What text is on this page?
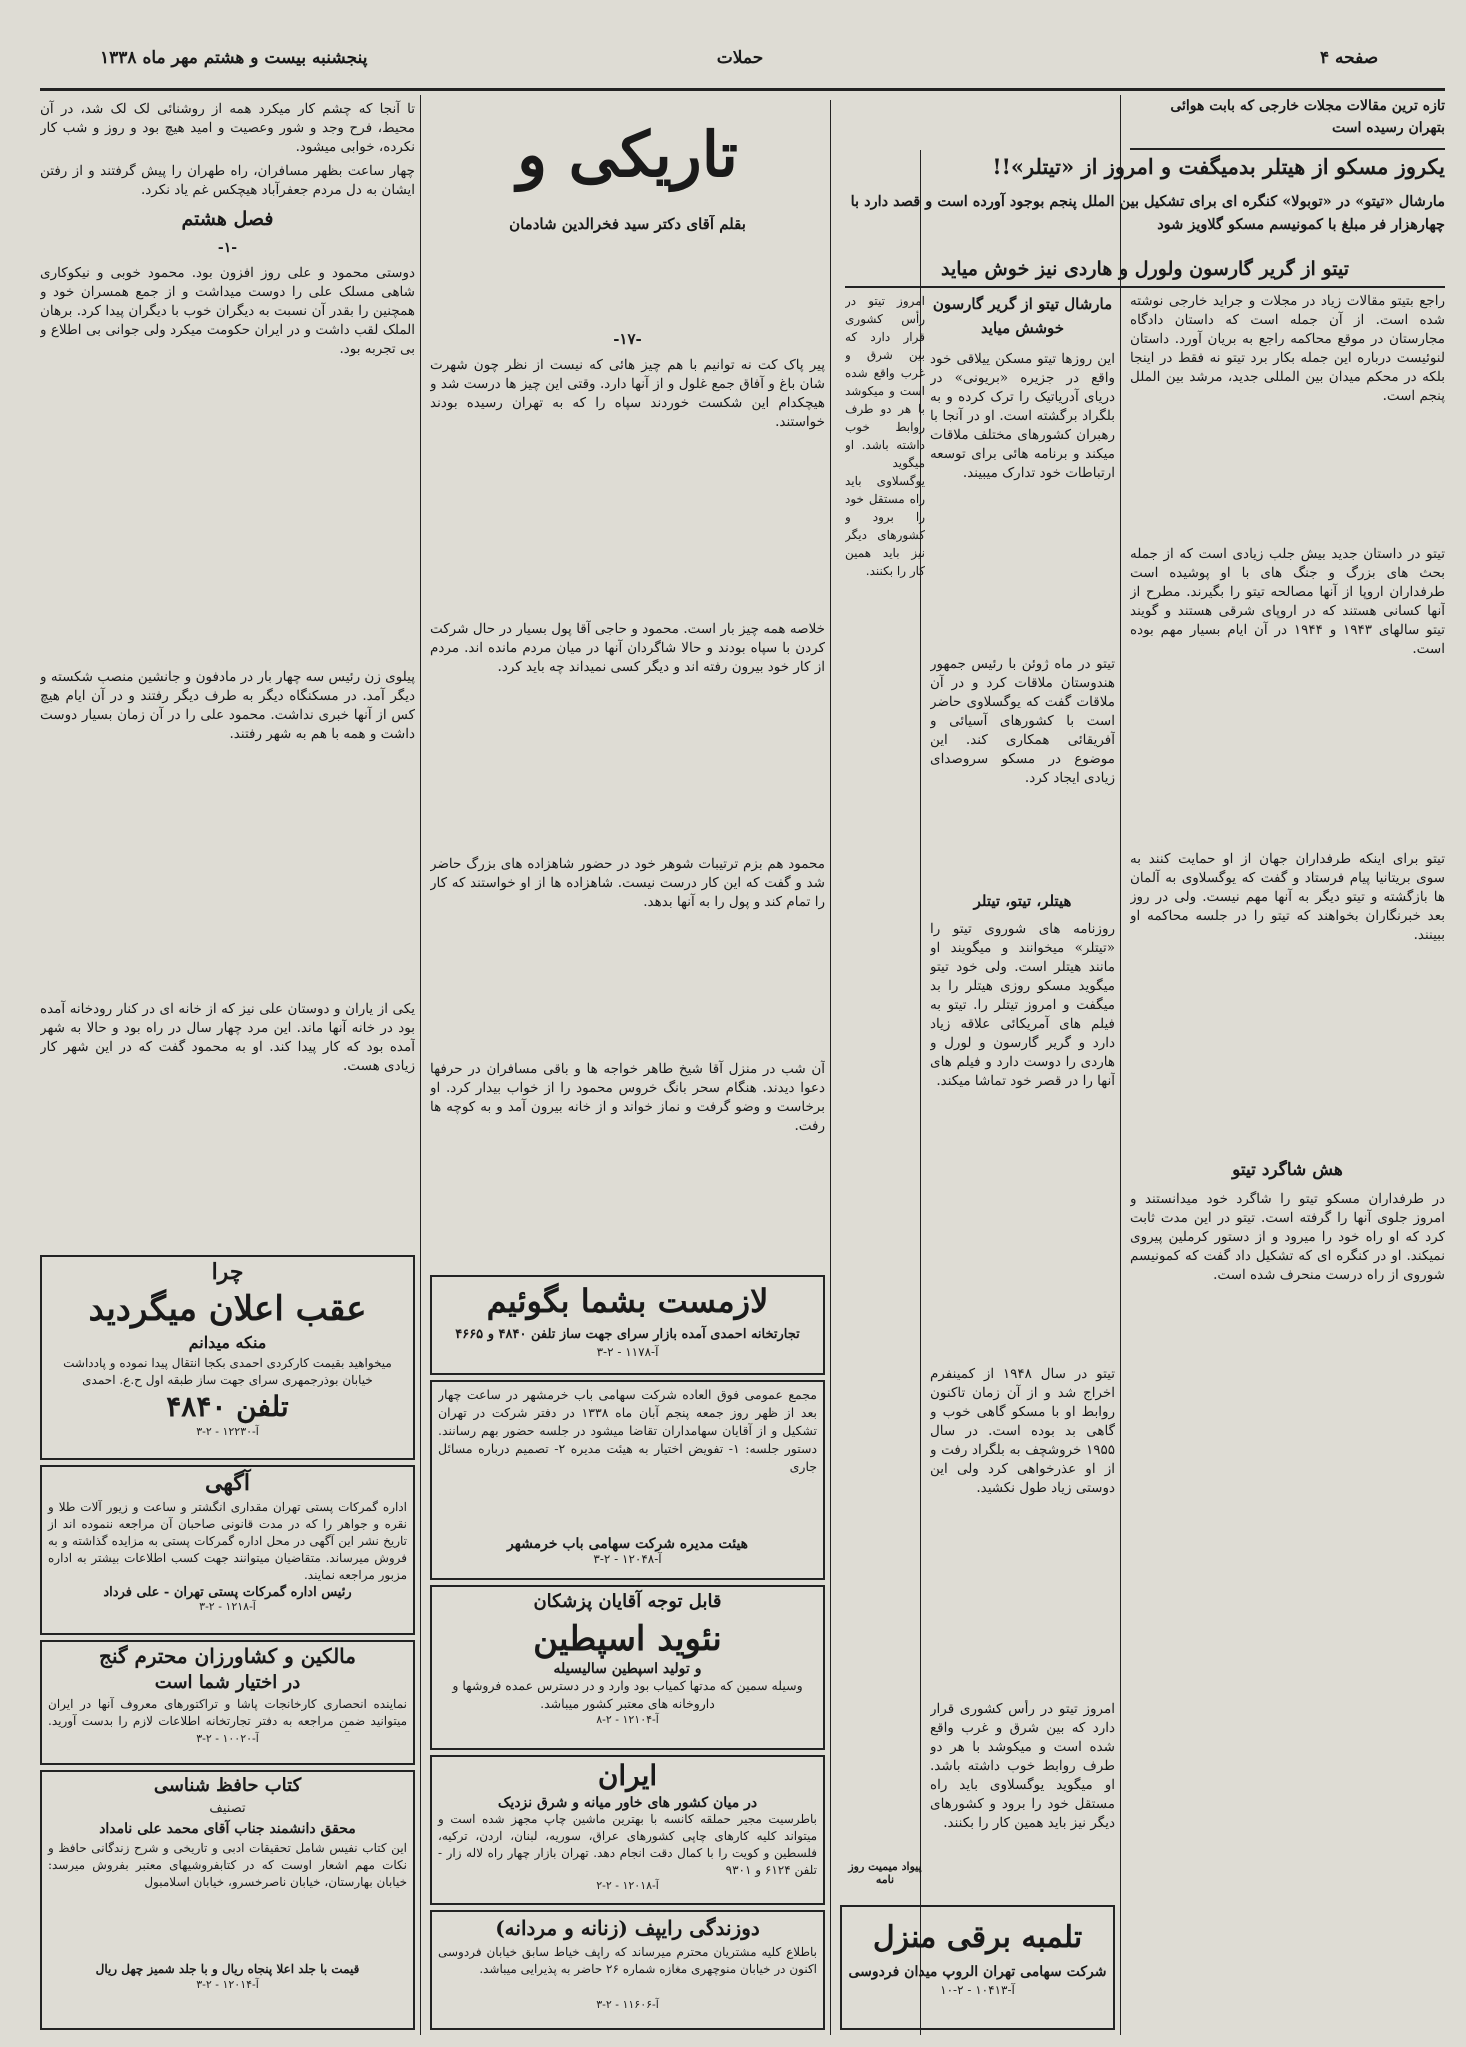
صفحه ۴
حملات
پنجشنبه بیست و هشتم مهر ماه ۱۳۳۸
تازه ترین مقالات مجلات خارجی که بابت هوائی بتهران رسیده است
یکروز مسکو از هیتلر بدمیگفت و امروز از «تیتلر»!!
مارشال «تیتو» در «توبولا» کنگره ای برای تشکیل بین الملل پنجم بوجود آورده است و قصد دارد با چهارهزار فر مبلغ با کمونیسم مسکو گلاویز شود
تیتو از گریر گارسون ولورل و هاردی نیز خوش میاید
راجع بتیتو مقالات زیاد در مجلات و جراید خارجی نوشته شده است. از آن جمله است که داستان دادگاه مجارستان در موقع محاکمه راجع به بریان آورد. داستان لنوئیست درباره این جمله بکار برد تیتو نه فقط در اینجا بلکه در محکم میدان بین المللی جدید، مرشد بین الملل پنجم است.
تیتو در داستان جدید بیش جلب زیادی است که از جمله بحث های بزرگ و جنگ های با او پوشیده است طرفداران اروپا از آنها مصالحه تیتو را بگیرند. مطرح از آنها کسانی هستند که در اروپای شرقی هستند و گویند تیتو سالهای ۱۹۴۳ و ۱۹۴۴ در آن ایام بسیار مهم بوده است.
تیتو برای اینکه طرفداران جهان از او حمایت کنند به سوی بریتانیا پیام فرستاد و گفت که یوگسلاوی به آلمان ها بازگشته و تیتو دیگر به آنها مهم نیست. ولی در روز بعد خبرنگاران بخواهند که تیتو را در جلسه محاکمه او ببینند.
هش شاگرد تیتو
در طرفداران مسکو تیتو را شاگرد خود میدانستند و امروز جلوی آنها را گرفته است. تیتو در این مدت ثابت کرد که او راه خود را میرود و از دستور کرملین پیروی نمیکند. او در کنگره ای که تشکیل داد گفت که کمونیسم شوروی از راه درست منحرف شده است.
مارشال تیتو از گریر گارسون خوشش میاید
این روزها تیتو مسکن ییلاقی خود واقع در جزیره «بریونی» در دریای آدریاتیک را ترک کرده و به بلگراد برگشته است. او در آنجا با رهبران کشورهای مختلف ملاقات میکند و برنامه هائی برای توسعه ارتباطات خود تدارک میبیند.
تیتو در ماه ژوئن با رئیس جمهور هندوستان ملاقات کرد و در آن ملاقات گفت که یوگسلاوی حاضر است با کشورهای آسیائی و آفریقائی همکاری کند. این موضوع در مسکو سروصدای زیادی ایجاد کرد.
هیتلر، تیتو، تیتلر
روزنامه های شوروی تیتو را «تیتلر» میخوانند و میگویند او مانند هیتلر است. ولی خود تیتو میگوید مسکو روزی هیتلر را بد میگفت و امروز تیتلر را. تیتو به فیلم های آمریکائی علاقه زیاد دارد و گریر گارسون و لورل و هاردی را دوست دارد و فیلم های آنها را در قصر خود تماشا میکند.
تیتو در سال ۱۹۴۸ از کمینفرم اخراج شد و از آن زمان تاکنون روابط او با مسکو گاهی خوب و گاهی بد بوده است. در سال ۱۹۵۵ خروشچف به بلگراد رفت و از او عذرخواهی کرد ولی این دوستی زیاد طول نکشید.
امروز تیتو در رأس کشوری قرار دارد که بین شرق و غرب واقع شده است و میکوشد با هر دو طرف روابط خوب داشته باشد. او میگوید یوگسلاوی باید راه مستقل خود را برود و کشورهای دیگر نیز باید همین کار را بکنند.
امروز تیتو در رأس کشوری قرار دارد که بین شرق و غرب واقع شده است و میکوشد با هر دو طرف روابط خوب داشته باشد. او میگوید یوگسلاوی باید راه مستقل خود را برود و کشورهای دیگر نیز باید همین کار را بکنند.
پیواد میمیت روز نامه
تلمبه برقی منزل
شرکت سهامی تهران الروپ میدان فردوسی
آ-۱۰۴۱۳ - ۲-۱۰
تاریکی و
بقلم آقای دکتر سید فخرالدین شادمان
-۱۷-
پیر پاک کت نه توانیم با هم چیز هائی که نیست از نظر چون شهرت شان باغ و آفاق جمع غلول و از آنها دارد. وقتی این چیز ها درست شد و هیچکدام این شکست خوردند سپاه را که به تهران رسیده بودند خواستند.
خلاصه همه چیز بار است. محمود و حاجی آقا پول بسیار در حال شرکت کردن با سپاه بودند و حالا شاگردان آنها در میان مردم مانده اند. مردم از کار خود بیرون رفته اند و دیگر کسی نمیداند چه باید کرد.
محمود هم بزم ترتیبات شوهر خود در حضور شاهزاده های بزرگ حاضر شد و گفت که این کار درست نیست. شاهزاده ها از او خواستند که کار را تمام کند و پول را به آنها بدهد.
آن شب در منزل آقا شیخ طاهر خواجه ها و باقی مسافران در حرفها دعوا دیدند. هنگام سحر بانگ خروس محمود را از خواب بیدار کرد. او برخاست و وضو گرفت و نماز خواند و از خانه بیرون آمد و به کوچه ها رفت.
لازمست بشما بگوئیم
تجارتخانه احمدی آمده بازار سرای جهت ساز تلفن ۴۸۴۰ و ۴۶۶۵
آ-۱۱۷۸ - ۲-۳
مجمع عمومی فوق العاده شرکت سهامی باب خرمشهر در ساعت چهار بعد از ظهر روز جمعه پنجم آبان ماه ۱۳۳۸ در دفتر شرکت در تهران تشکیل و از آقایان سهامداران تقاضا میشود در جلسه حضور بهم رسانند. دستور جلسه: ۱- تفویض اختیار به هیئت مدیره ۲- تصمیم درباره مسائل جاری
هیئت مدیره شرکت سهامی باب خرمشهر
آ-۱۲۰۴۸ - ۲-۳
قابل توجه آقایان پزشکان
نئوید اسپطین
و تولید اسپطین سالیسیله
وسیله سمین که مدتها کمیاب بود وارد و در دسترس عمده فروشها و داروخانه های معتبر کشور میباشد.
آ-۱۲۱۰۴ - ۲-۸
ایران
در میان کشور های خاور میانه و شرق نزدیک
باطرسیت مجیر حملقه کانسه با بهترین ماشین چاپ مجهز شده است و میتواند کلیه کارهای چاپی کشورهای عراق، سوریه، لبنان، اردن، ترکیه، فلسطین و کویت را با کمال دقت انجام دهد. تهران بازار چهار راه لاله زار - تلفن ۶۱۲۴ و ۹۳۰۱
آ-۱۲۰۱۸ - ۲-۲
دوزندگی رایپف (زنانه و مردانه)
باطلاع کلیه مشتریان محترم میرساند که راپف خیاط سابق خیابان فردوسی اکنون در خیابان منوچهری مغازه شماره ۲۶ حاضر به پذیرایی میباشد.
آ-۱۱۶۰۶ - ۲-۳
تا آنجا که چشم کار میکرد همه از روشنائی لک لک شد، در آن محیط، فرح وجد و شور وعصیت و امید هیچ بود و روز و شب کار نکرده، خوابی میشود.
چهار ساعت بظهر مسافران، راه طهران را پیش گرفتند و از رفتن ایشان به دل مردم جعفرآباد هیچکس غم یاد نکرد.
فصل هشتم
-۱-
دوستی محمود و علی روز افزون بود. محمود خوبی و نیکوکاری شاهی مسلک علی را دوست میداشت و از جمع همسران خود و همچنین را بقدر آن نسبت به دیگران خوب با دیگران پیدا کرد. برهان الملک لقب داشت و در ایران حکومت میکرد ولی جوانی بی اطلاع و بی تجربه بود.
پیلوی زن رئیس سه چهار بار در مادفون و جانشین منصب شکسته و دیگر آمد. در مسکنگاه دیگر به طرف دیگر رفتند و در آن ایام هیچ کس از آنها خبری نداشت. محمود علی را در آن زمان بسیار دوست داشت و همه با هم به شهر رفتند.
یکی از یاران و دوستان علی نیز که از خانه ای در کنار رودخانه آمده بود در خانه آنها ماند. این مرد چهار سال در راه بود و حالا به شهر آمده بود که کار پیدا کند. او به محمود گفت که در این شهر کار زیادی هست.
چرا
عقب اعلان میگردید
منکه میدانم
میخواهید بقیمت کارکردی احمدی بکجا انتقال پیدا نموده و پادداشت خیابان بوذرجمهری سرای جهت ساز طبقه اول ح.ع. احمدی
تلفن ۴۸۴۰
آ-۱۲۲۳۰ - ۲-۳
آگهی
اداره گمرکات پستی تهران مقداری انگشتر و ساعت و زیور آلات طلا و نقره و جواهر را که در مدت قانونی صاحبان آن مراجعه ننموده اند از تاریخ نشر این آگهی در محل اداره گمرکات پستی به مزایده گذاشته و به فروش میرساند. متقاضیان میتوانند جهت کسب اطلاعات بیشتر به اداره مزبور مراجعه نمایند.
رئیس اداره گمرکات پستی تهران - علی فرداد
آ-۱۲۱۸ - ۲-۳
مالکین و کشاورزان محترم گنج
در اختیار شما است
نماینده انحصاری کارخانجات پاشا و تراکتورهای معروف آنها در ایران میتوانید ضمن مراجعه به دفتر تجارتخانه اطلاعات لازم را بدست آورید.
آ-۱۰۰۲۰ - ۲-۳
کتاب حافظ شناسی
تصنیف
محقق دانشمند جناب آقای محمد علی نامداد
این کتاب نفیس شامل تحقیقات ادبی و تاریخی و شرح زندگانی حافظ و نکات مهم اشعار اوست که در کتابفروشیهای معتبر بفروش میرسد: خیابان بهارستان، خیابان ناصرخسرو، خیابان اسلامبول
قیمت با جلد اعلا پنجاه ریال و با جلد شمیز چهل ریال
آ-۱۲۰۱۴ - ۲-۳
